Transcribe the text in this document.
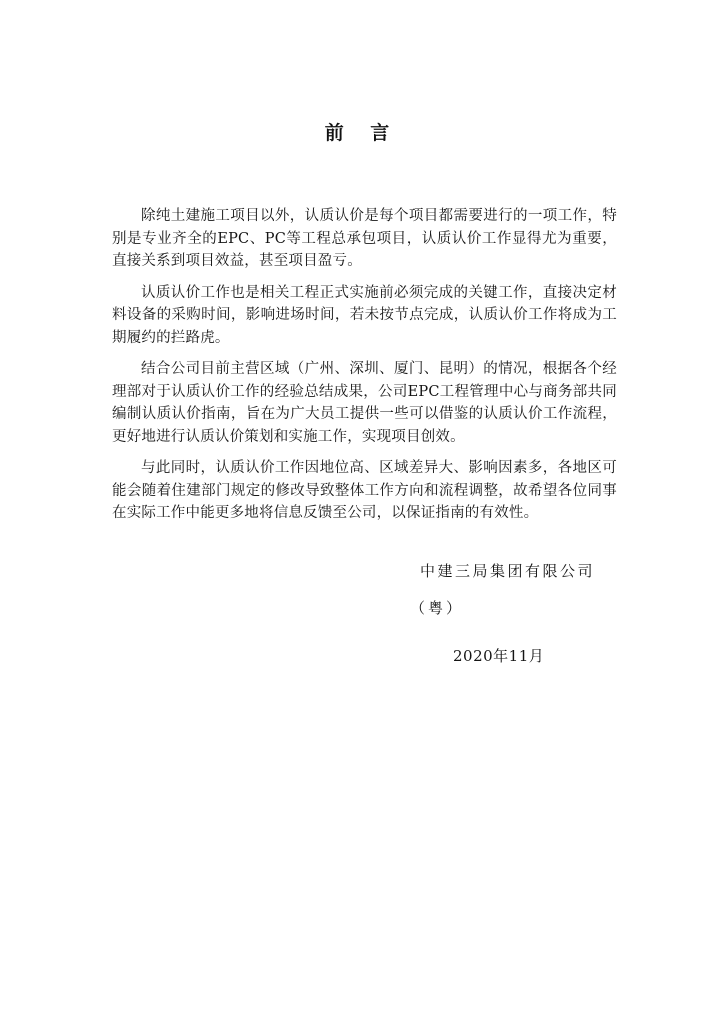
前 言

除纯土建施工项目以外，认质认价是每个项目都需要进行的一项工作，特别是专业齐全的EPC、PC等工程总承包项目，认质认价工作显得尤为重要，直接关系到项目效益，甚至项目盈亏。

认质认价工作也是相关工程正式实施前必须完成的关键工作，直接决定材料设备的采购时间，影响进场时间，若未按节点完成，认质认价工作将成为工期履约的拦路虎。

结合公司目前主营区域（广州、深圳、厦门、昆明）的情况，根据各个经理部对于认质认价工作的经验总结成果，公司EPC工程管理中心与商务部共同编制认质认价指南，旨在为广大员工提供一些可以借鉴的认质认价工作流程，更好地进行认质认价策划和实施工作，实现项目创效。

与此同时，认质认价工作因地位高、区域差异大、影响因素多，各地区可能会随着住建部门规定的修改导致整体工作方向和流程调整，故希望各位同事在实际工作中能更多地将信息反馈至公司，以保证指南的有效性。

中建三局集团有限公司
（粤）
2020年11月
